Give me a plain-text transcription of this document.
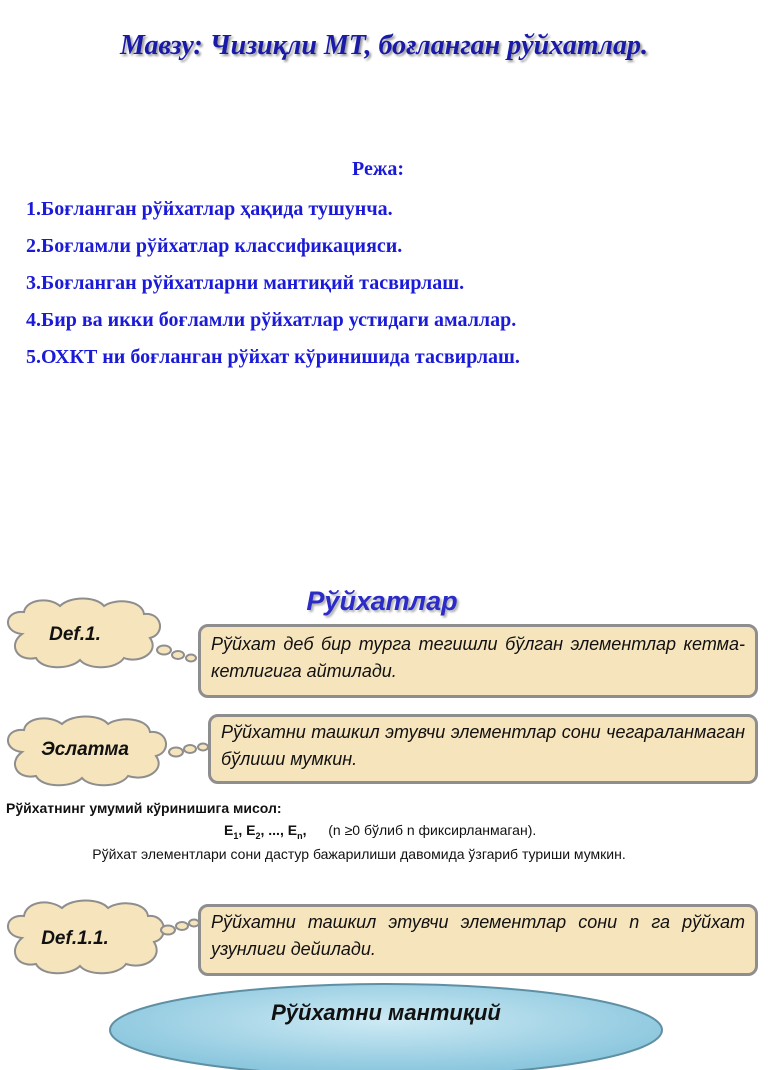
Мавзу: Чизиқли МТ, боғланган рўйхатлар.
Режа:
1.Боғланган рўйхатлар ҳақида тушунча.
2.Боғламли рўйхатлар классификацияси.
3.Боғланган рўйхатларни мантиқий тасвирлаш.
4.Бир ва икки боғламли рўйхатлар устидаги амаллар.
5.ОХКТ ни боғланган рўйхат кўринишида тасвирлаш.
Рўйхатлар
Def.1.	Рўйхат деб бир турга тегишли бўлган элементлар кетма-кетлигига айтилади.
Эслатма
Рўйхатни ташкил этувчи элементлар сони чегараланмаган бўлиши мумкин.
Рўйхатнинг умумий кўринишига мисол:
$E_1$, $E_2$, ..., $E_n$, (n ≥0 бўлиб n фиксирланмаган).
Рўйхат элементлари сони дастур бажарилиши давомида ўзгариб туриши мумкин.
Def.1.1.
Рўйхатни ташкил этувчи элементлар сони n га рўйхат узунлиги дейилади.
Рўйхатни мантиқий
